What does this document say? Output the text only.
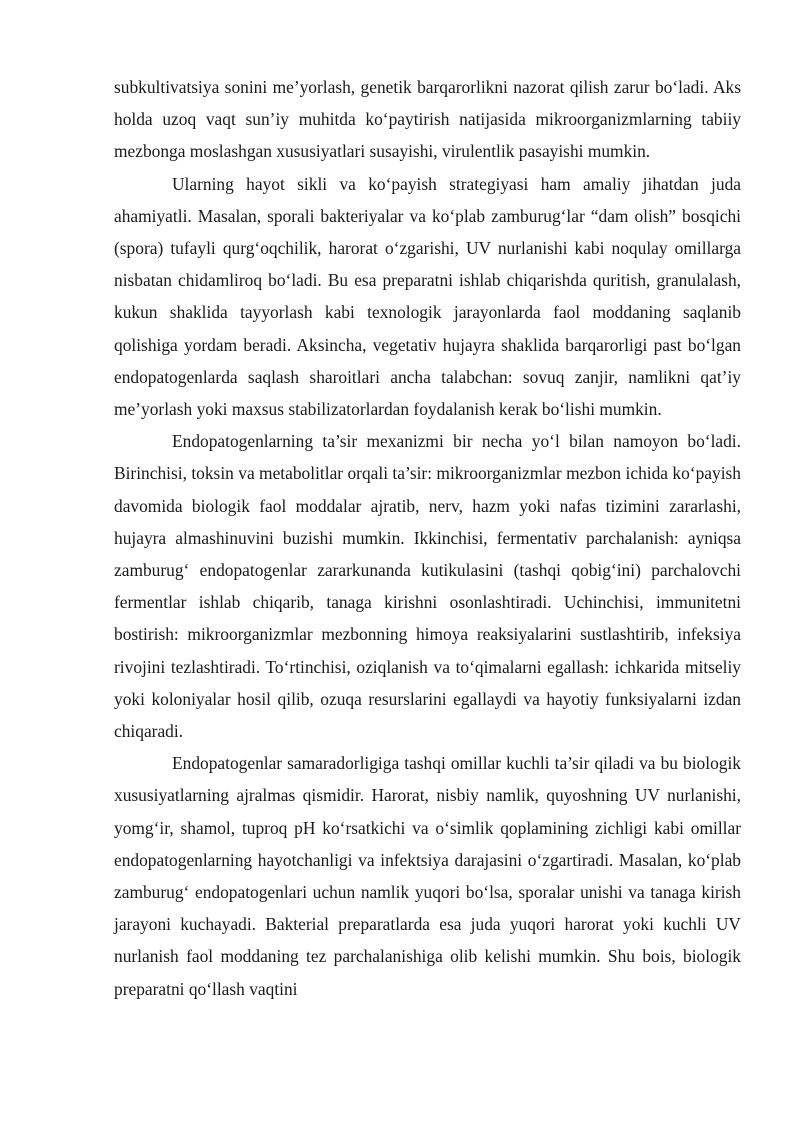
subkultivatsiya sonini me’yorlash, genetik barqarorlikni nazorat qilish zarur bo‘ladi. Aks holda uzoq vaqt sun’iy muhitda ko‘paytirish natijasida mikroorganizmlarning tabiiy mezbonga moslashgan xususiyatlari susayishi, virulentlik pasayishi mumkin.

Ularning hayot sikli va ko‘payish strategiyasi ham amaliy jihatdan juda ahamiyatli. Masalan, sporali bakteriyalar va ko‘plab zamburug‘lar “dam olish” bosqichi (spora) tufayli qurg‘oqchilik, harorat o‘zgarishi, UV nurlanishi kabi noqulay omillarga nisbatan chidamliroq bo‘ladi. Bu esa preparatni ishlab chiqarishda quritish, granulalash, kukun shaklida tayyorlash kabi texnologik jarayonlarda faol moddaning saqlanib qolishiga yordam beradi. Aksincha, vegetativ hujayra shaklida barqarorligi past bo‘lgan endopatogenlarda saqlash sharoitlari ancha talabchan: sovuq zanjir, namlikni qat’iy me’yorlash yoki maxsus stabilizatorlardan foydalanish kerak bo‘lishi mumkin.

Endopatogenlarning ta’sir mexanizmi bir necha yo‘l bilan namoyon bo‘ladi. Birinchisi, toksin va metabolitlar orqali ta’sir: mikroorganizmlar mezbon ichida ko‘payish davomida biologik faol moddalar ajratib, nerv, hazm yoki nafas tizimini zararlashi, hujayra almashinuvini buzishi mumkin. Ikkinchisi, fermentativ parchalanish: ayniqsa zamburug‘ endopatogenlar zararkunanda kutikulasini (tashqi qobig‘ini) parchalovchi fermentlar ishlab chiqarib, tanaga kirishni osonlashtiradi. Uchinchisi, immunitetni bostirish: mikroorganizmlar mezbonning himoya reaksiyalarini sustlashtirib, infeksiya rivojini tezlashtiradi. To‘rtinchisi, oziqlanish va to‘qimalarni egallash: ichkarida mitseliy yoki koloniyalar hosil qilib, ozuqa resurslarini egallaydi va hayotiy funksiyalarni izdan chiqaradi.

Endopatogenlar samaradorligiga tashqi omillar kuchli ta’sir qiladi va bu biologik xususiyatlarning ajralmas qismidir. Harorat, nisbiy namlik, quyoshning UV nurlanishi, yomg‘ir, shamol, tuproq pH ko‘rsatkichi va o‘simlik qoplamining zichligi kabi omillar endopatogenlarning hayotchanligi va infektsiya darajasini o‘zgartiradi. Masalan, ko‘plab zamburug‘ endopatogenlari uchun namlik yuqori bo‘lsa, sporalar unishi va tanaga kirish jarayoni kuchayadi. Bakterial preparatlarda esa juda yuqori harorat yoki kuchli UV nurlanish faol moddaning tez parchalanishiga olib kelishi mumkin. Shu bois, biologik preparatni qo‘llash vaqtini
